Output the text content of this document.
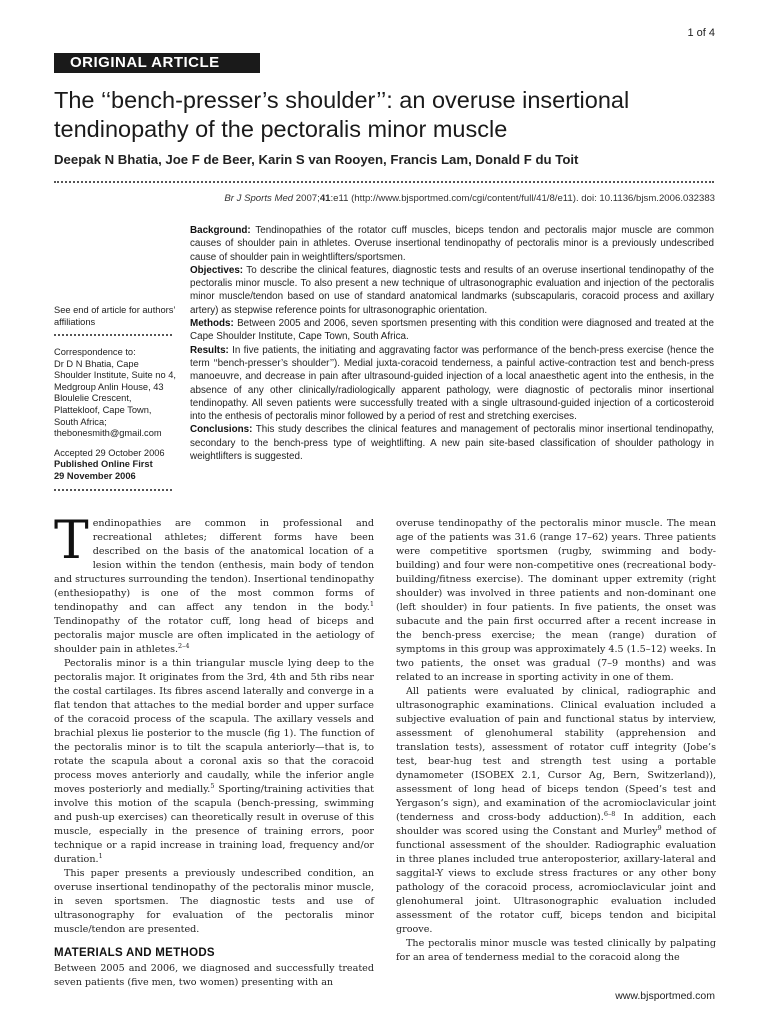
1 of 4
ORIGINAL ARTICLE
The ‘‘bench-presser’s shoulder’’: an overuse insertional tendinopathy of the pectoralis minor muscle
Deepak N Bhatia, Joe F de Beer, Karin S van Rooyen, Francis Lam, Donald F du Toit
Br J Sports Med 2007;41:e11 (http://www.bjsportmed.com/cgi/content/full/41/8/e11). doi: 10.1136/bjsm.2006.032383

Background: Tendinopathies of the rotator cuff muscles, biceps tendon and pectoralis major muscle are common causes of shoulder pain in athletes. Overuse insertional tendinopathy of pectoralis minor is a previously undescribed cause of shoulder pain in weightlifters/sportsmen.

Objectives: To describe the clinical features, diagnostic tests and results of an overuse insertional tendinopathy of the pectoralis minor muscle. To also present a new technique of ultrasonographic evaluation and injection of the pectoralis minor muscle/tendon based on use of standard anatomical landmarks (subscapularis, coracoid process and axillary artery) as stepwise reference points for ultrasonographic orientation.

Methods: Between 2005 and 2006, seven sportsmen presenting with this condition were diagnosed and treated at the Cape Shoulder Institute, Cape Town, South Africa.

Results: In five patients, the initiating and aggravating factor was performance of the bench-press exercise (hence the term ‘‘bench-presser’s shoulder’’). Medial juxta-coracoid tenderness, a painful active-contraction test and bench-press manoeuvre, and decrease in pain after ultrasound-guided injection of a local anaesthetic agent into the enthesis, in the absence of any other clinically/radiologically apparent pathology, were diagnostic of pectoralis minor insertional tendinopathy. All seven patients were successfully treated with a single ultrasound-guided injection of a corticosteroid into the enthesis of pectoralis minor followed by a period of rest and stretching exercises.

Conclusions: This study describes the clinical features and management of pectoralis minor insertional tendinopathy, secondary to the bench-press type of weightlifting. A new pain site-based classification of shoulder pathology in weightlifters is suggested.

See end of article for authors’ affiliations
Correspondence to:
Dr D N Bhatia, Cape
Shoulder Institute, Suite no 4,
Medgroup Anlin House, 43
Bloulelie Crescent,
Plattekloof, Cape Town,
South Africa;
thebonesmith@gmail.com
Accepted 29 October 2006
Published Online First
29 November 2006

Tendinopathies are common in professional and recreational athletes; different forms have been described on the basis of the anatomical location of a lesion within the tendon (enthesis, main body of tendon and structures surrounding the tendon). Insertional tendinopathy (enthesiopathy) is one of the most common forms of tendinopathy and can affect any tendon in the body.$^1$ Tendinopathy of the rotator cuff, long head of biceps and pectoralis major muscle are often implicated in the aetiology of shoulder pain in athletes.$^{2-4}$

Pectoralis minor is a thin triangular muscle lying deep to the pectoralis major. It originates from the 3rd, 4th and 5th ribs near the costal cartilages. Its fibres ascend laterally and converge in a flat tendon that attaches to the medial border and upper surface of the coracoid process of the scapula. The axillary vessels and brachial plexus lie posterior to the muscle (fig 1). The function of the pectoralis minor is to tilt the scapula anteriorly—that is, to rotate the scapula about a coronal axis so that the coracoid process moves anteriorly and caudally, while the inferior angle moves posteriorly and medially.$^5$ Sporting/training activities that involve this motion of the scapula (bench-pressing, swimming and push-up exercises) can theoretically result in overuse of this muscle, especially in the presence of training errors, poor technique or a rapid increase in training load, frequency and/or duration.$^1$

This paper presents a previously undescribed condition, an overuse insertional tendinopathy of the pectoralis minor muscle, in seven sportsmen. The diagnostic tests and use of ultrasonography for evaluation of the pectoralis minor muscle/tendon are presented.

MATERIALS AND METHODS

Between 2005 and 2006, we diagnosed and successfully treated seven patients (five men, two women) presenting with an

overuse tendinopathy of the pectoralis minor muscle. The mean age of the patients was 31.6 (range 17–62) years. Three patients were competitive sportsmen (rugby, swimming and body-building) and four were non-competitive ones (recreational body-building/fitness exercise). The dominant upper extremity (right shoulder) was involved in three patients and non-dominant one (left shoulder) in four patients. In five patients, the onset was subacute and the pain first occurred after a recent increase in the bench-press exercise; the mean (range) duration of symptoms in this group was approximately 4.5 (1.5–12) weeks. In two patients, the onset was gradual (7–9 months) and was related to an increase in sporting activity in one of them.

All patients were evaluated by clinical, radiographic and ultrasonographic examinations. Clinical evaluation included a subjective evaluation of pain and functional status by interview, assessment of glenohumeral stability (apprehension and translation tests), assessment of rotator cuff integrity (Jobe’s test, bear-hug test and strength test using a portable dynamometer (ISOBEX 2.1, Cursor Ag, Bern, Switzerland)), assessment of long head of biceps tendon (Speed’s test and Yergason’s sign), and examination of the acromioclavicular joint (tenderness and cross-body adduction).$^{6-8}$ In addition, each shoulder was scored using the Constant and Murley$^9$ method of functional assessment of the shoulder. Radiographic evaluation in three planes included true anteroposterior, axillary-lateral and saggital-Y views to exclude stress fractures or any other bony pathology of the coracoid process, acromioclavicular joint and glenohumeral joint. Ultrasonographic evaluation included assessment of the rotator cuff, biceps tendon and bicipital groove.

The pectoralis minor muscle was tested clinically by palpating for an area of tenderness medial to the coracoid along the

www.bjsportmed.com
